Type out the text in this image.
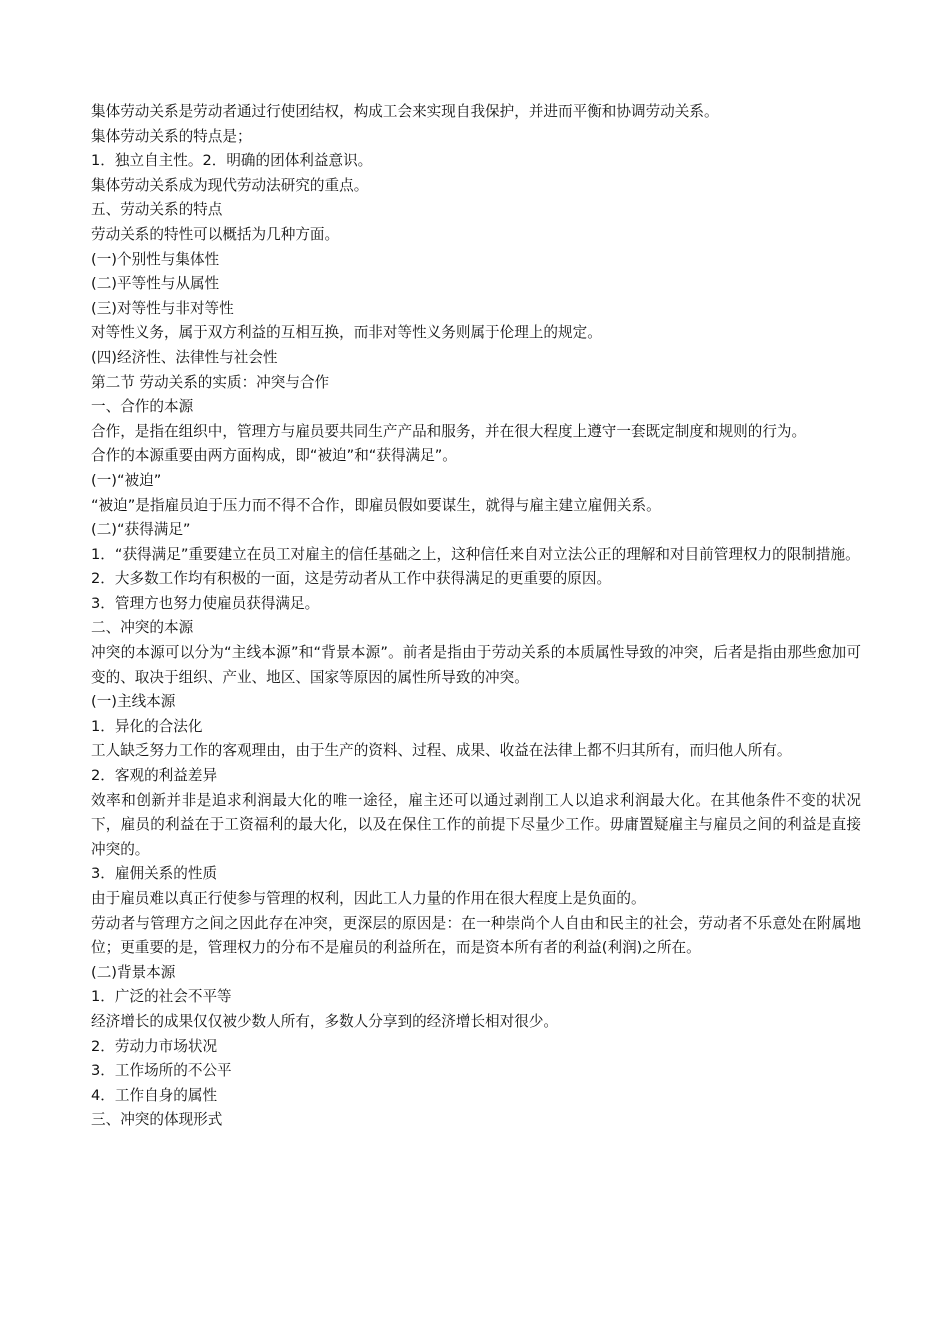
集体劳动关系是劳动者通过行使团结权，构成工会来实现自我保护，并进而平衡和协调劳动关系。

集体劳动关系的特点是；

1．独立自主性。2．明确的团体利益意识。

集体劳动关系成为现代劳动法研究的重点。

五、劳动关系的特点

劳动关系的特性可以概括为几种方面。

(一)个别性与集体性

(二)平等性与从属性

(三)对等性与非对等性

对等性义务，属于双方利益的互相互换，而非对等性义务则属于伦理上的规定。

(四)经济性、法律性与社会性

第二节 劳动关系的实质：冲突与合作

一、合作的本源

合作，是指在组织中，管理方与雇员要共同生产产品和服务，并在很大程度上遵守一套既定制度和规则的行为。

合作的本源重要由两方面构成，即“被迫”和“获得满足”。

(一)“被迫”

“被迫”是指雇员迫于压力而不得不合作，即雇员假如要谋生，就得与雇主建立雇佣关系。

(二)“获得满足”

1．“获得满足”重要建立在员工对雇主的信任基础之上，这种信任来自对立法公正的理解和对目前管理权力的限制措施。

2．大多数工作均有积极的一面，这是劳动者从工作中获得满足的更重要的原因。

3．管理方也努力使雇员获得满足。

二、冲突的本源

冲突的本源可以分为“主线本源”和“背景本源”。前者是指由于劳动关系的本质属性导致的冲突，后者是指由那些愈加可变的、取决于组织、产业、地区、国家等原因的属性所导致的冲突。

(一)主线本源

1．异化的合法化

工人缺乏努力工作的客观理由，由于生产的资料、过程、成果、收益在法律上都不归其所有，而归他人所有。

2．客观的利益差异

效率和创新并非是追求利润最大化的唯一途径，雇主还可以通过剥削工人以追求利润最大化。在其他条件不变的状况下，雇员的利益在于工资福利的最大化，以及在保住工作的前提下尽量少工作。毋庸置疑雇主与雇员之间的利益是直接冲突的。

3．雇佣关系的性质

由于雇员难以真正行使参与管理的权利，因此工人力量的作用在很大程度上是负面的。

劳动者与管理方之间之因此存在冲突，更深层的原因是：在一种崇尚个人自由和民主的社会，劳动者不乐意处在附属地位；更重要的是，管理权力的分布不是雇员的利益所在，而是资本所有者的利益(利润)之所在。

(二)背景本源

1．广泛的社会不平等

经济增长的成果仅仅被少数人所有，多数人分享到的经济增长相对很少。

2．劳动力市场状况

3．工作场所的不公平

4．工作自身的属性

三、冲突的体现形式
